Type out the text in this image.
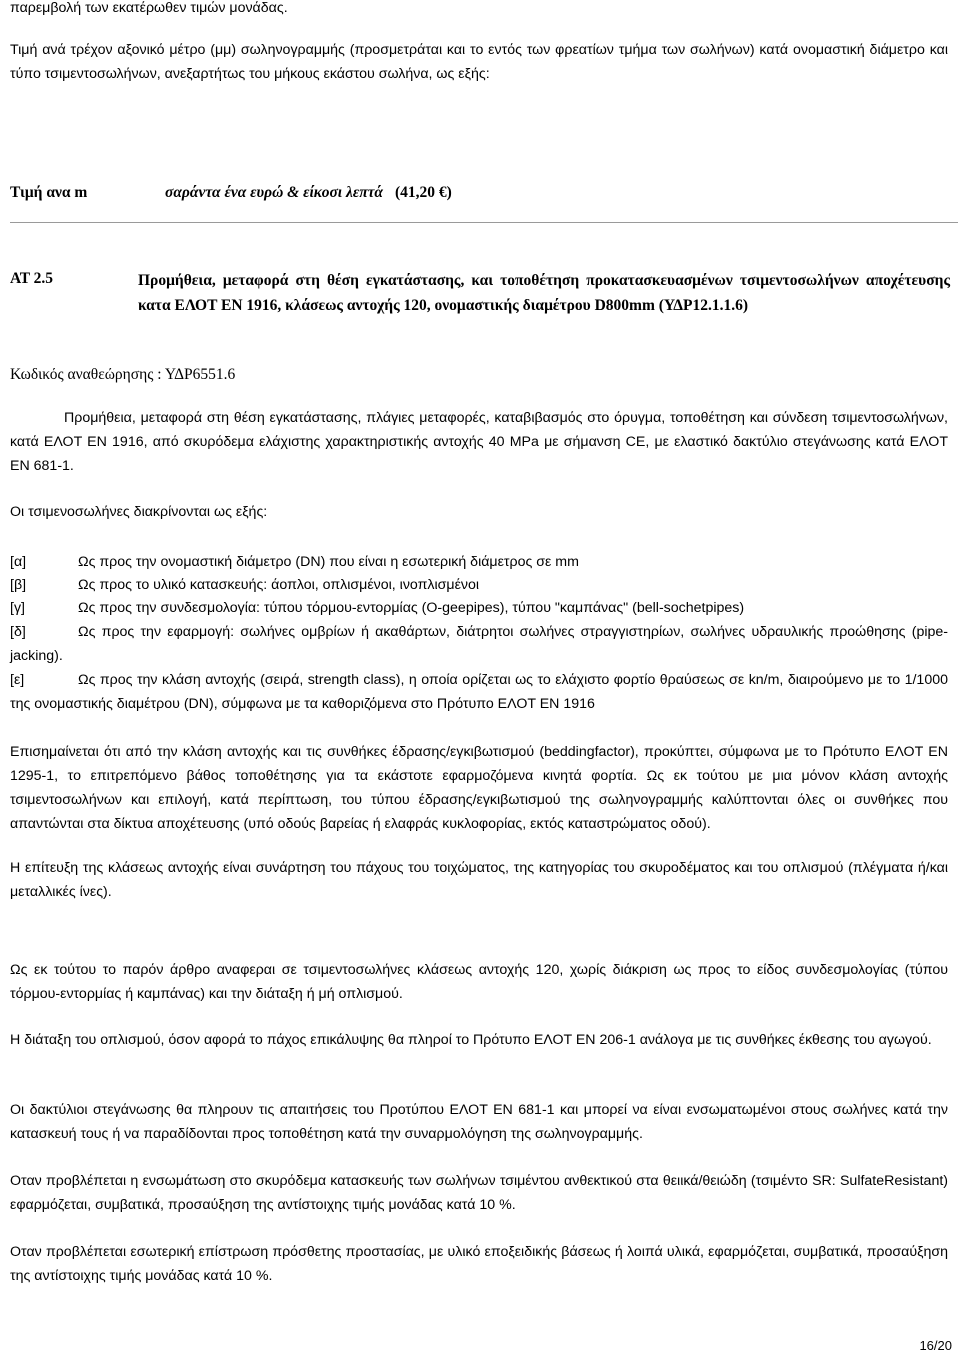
παρεμβολή των εκατέρωθεν τιμών μονάδας.

Τιμή ανά τρέχον αξονικό μέτρο (μμ) σωληνογραμμής (προσμετράται και το εντός των φρεατίων τμήμα των σωλήνων) κατά ονομαστική διάμετρο και τύπο τσιμεντοσωλήνων, ανεξαρτήτως του μήκους εκάστου σωλήνα, ως εξής:

Τιμή ανα m	σαράντα ένα ευρώ & είκοσι λεπτά (41,20 €)
ΑΤ 2.5	Προμήθεια, μεταφορά στη θέση εγκατάστασης, και τοποθέτηση προκατασκευασμένων τσιμεντοσωλήνων αποχέτευσης κατα ΕΛΟΤ ΕΝ 1916, κλάσεως αντοχής 120, ονομαστικής διαμέτρου D800mm (ΥΔΡ12.1.1.6)

Κωδικός αναθεώρησης : ΥΔΡ6551.6

Προμήθεια, μεταφορά στη θέση εγκατάστασης, πλάγιες μεταφορές, καταβιβασμός στο όρυγμα, τοποθέτηση και σύνδεση τσιμεντοσωλήνων, κατά ΕΛΟΤ ΕΝ 1916, από σκυρόδεμα ελάχιστης χαρακτηριστικής αντοχής 40 MPa με σήμανση CE, με ελαστικό δακτύλιο στεγάνωσης κατά ΕΛΟΤ ΕΝ 681-1.

Οι τσιμενοσωλήνες διακρίνονται ως εξής:

[α]	Ως προς την ονομαστική διάμετρο (DN) που είναι η εσωτερική διάμετρος σε mm

[β]	Ως προς το υλικό κατασκευής: άοπλοι, οπλισμένοι, ινοπλισμένοι

[γ]	Ως προς την συνδεσμολογία: τύπου τόρμου-εντορμίας (O-geepipes), τύπου "καμπάνας" (bell-sochetpipes)

[δ]	Ως προς την εφαρμογή: σωλήνες ομβρίων ή ακαθάρτων, διάτρητοι σωλήνες στραγγιστηρίων, σωλήνες υδραυλικής προώθησης (pipe-jacking).

[ε]	Ως προς την κλάση αντοχής (σειρά, strength class), η οποία ορίζεται ως το ελάχιστο φορτίο θραύσεως σε kn/m, διαιρούμενο με το 1/1000 της ονομαστικής διαμέτρου (DN), σύμφωνα με τα καθοριζόμενα στο Πρότυπο ΕΛΟΤ ΕΝ 1916

Επισημαίνεται ότι από την κλάση αντοχής και τις συνθήκες έδρασης/εγκιβωτισμού (beddingfactor), προκύπτει, σύμφωνα με το Πρότυπο ΕΛΟΤ ΕΝ 1295-1, το επιτρεπόμενο βάθος τοποθέτησης για τα εκάστοτε εφαρμοζόμενα κινητά φορτία. Ως εκ τούτου με μια μόνον κλάση αντοχής τσιμεντοσωλήνων και επιλογή, κατά περίπτωση, του τύπου έδρασης/εγκιβωτισμού της σωληνογραμμής καλύπτονται όλες οι συνθήκες που απαντώνται στα δίκτυα αποχέτευσης (υπό οδούς βαρείας ή ελαφράς κυκλοφορίας, εκτός καταστρώματος οδού).

Η επίτευξη της κλάσεως αντοχής είναι συνάρτηση του πάχους του τοιχώματος, της κατηγορίας του σκυροδέματος και του οπλισμού (πλέγματα ή/και μεταλλικές ίνες).

Ως εκ τούτου το παρόν άρθρο αναφεραι σε τσιμεντοσωλήνες κλάσεως αντοχής 120, χωρίς διάκριση ως προς το είδος συνδεσμολογίας (τύπου τόρμου-εντορμίας ή καμπάνας) και την διάταξη ή μή οπλισμού.

Η διάταξη του οπλισμού, όσον αφορά το πάχος επικάλυψης θα πληροί το Πρότυπο ΕΛΟΤ ΕΝ 206-1 ανάλογα με τις συνθήκες έκθεσης του αγωγού.

Οι δακτύλιοι στεγάνωσης θα πληρουν τις απαιτήσεις του Προτύπου ΕΛΟΤ ΕΝ 681-1 και μπορεί να είναι ενσωματωμένοι στους σωλήνες κατά την κατασκευή τους ή να παραδίδονται προς τοποθέτηση κατά την συναρμολόγηση της σωληνογραμμής.

Οταν προβλέπεται η ενσωμάτωση στο σκυρόδεμα κατασκευής των σωλήνων τσιμέντου ανθεκτικού στα θειικά/θειώδη (τσιμέντο SR: SulfateResistant) εφαρμόζεται, συμβατικά, προσαύξηση της αντίστοιχης τιμής μονάδας κατά 10 %.

Οταν προβλέπεται εσωτερική επίστρωση πρόσθετης προστασίας, με υλικό εποξειδικής βάσεως ή λοιπά υλικά, εφαρμόζεται, συμβατικά, προσαύξηση της αντίστοιχης τιμής μονάδας κατά 10 %.

16/20
